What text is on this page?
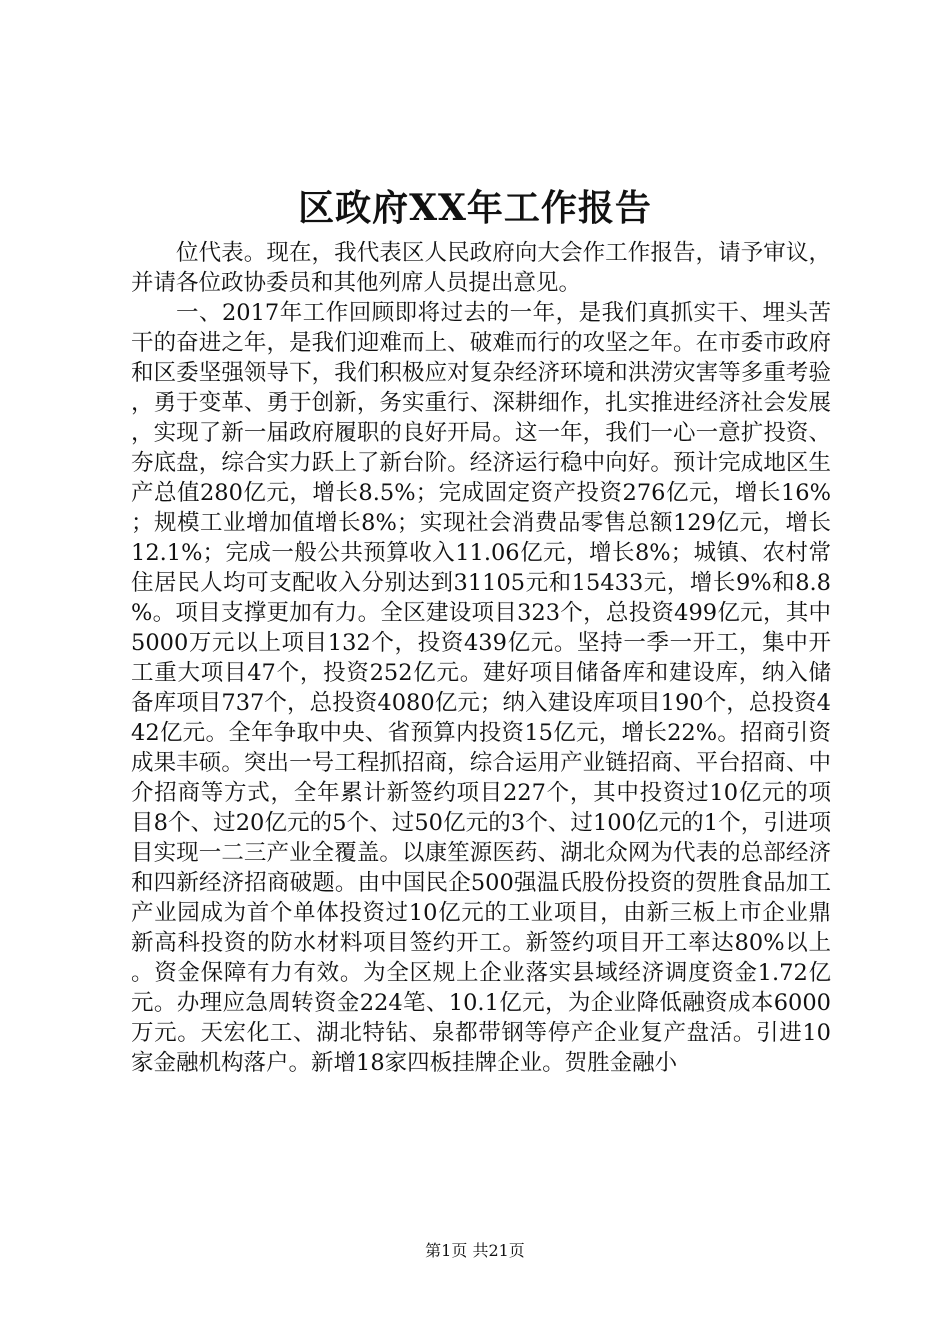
区政府XX年工作报告

位代表。现在，我代表区人民政府向大会作工作报告，请予审议，并请各位政协委员和其他列席人员提出意见。

一、2017年工作回顾即将过去的一年，是我们真抓实干、埋头苦干的奋进之年，是我们迎难而上、破难而行的攻坚之年。在市委市政府和区委坚强领导下，我们积极应对复杂经济环境和洪涝灾害等多重考验，勇于变革、勇于创新，务实重行、深耕细作，扎实推进经济社会发展，实现了新一届政府履职的良好开局。这一年，我们一心一意扩投资、夯底盘，综合实力跃上了新台阶。经济运行稳中向好。预计完成地区生产总值280亿元，增长8.5%；完成固定资产投资276亿元，增长16%；规模工业增加值增长8%；实现社会消费品零售总额129亿元，增长12.1%；完成一般公共预算收入11.06亿元，增长8%；城镇、农村常住居民人均可支配收入分别达到31105元和15433元，增长9%和8.8%。项目支撑更加有力。全区建设项目323个，总投资499亿元，其中5000万元以上项目132个，投资439亿元。坚持一季一开工，集中开工重大项目47个，投资252亿元。建好项目储备库和建设库，纳入储备库项目737个，总投资4080亿元；纳入建设库项目190个，总投资442亿元。全年争取中央、省预算内投资15亿元，增长22%。招商引资成果丰硕。突出一号工程抓招商，综合运用产业链招商、平台招商、中介招商等方式，全年累计新签约项目227个，其中投资过10亿元的项目8个、过20亿元的5个、过50亿元的3个、过100亿元的1个，引进项目实现一二三产业全覆盖。以康笙源医药、湖北众网为代表的总部经济和四新经济招商破题。由中国民企500强温氏股份投资的贺胜食品加工产业园成为首个单体投资过10亿元的工业项目，由新三板上市企业鼎新高科投资的防水材料项目签约开工。新签约项目开工率达80%以上。资金保障有力有效。为全区规上企业落实县域经济调度资金1.72亿元。办理应急周转资金224笔、10.1亿元，为企业降低融资成本6000万元。天宏化工、湖北特钻、泉都带钢等停产企业复产盘活。引进10家金融机构落户。新增18家四板挂牌企业。贺胜金融小

第1页 共21页
